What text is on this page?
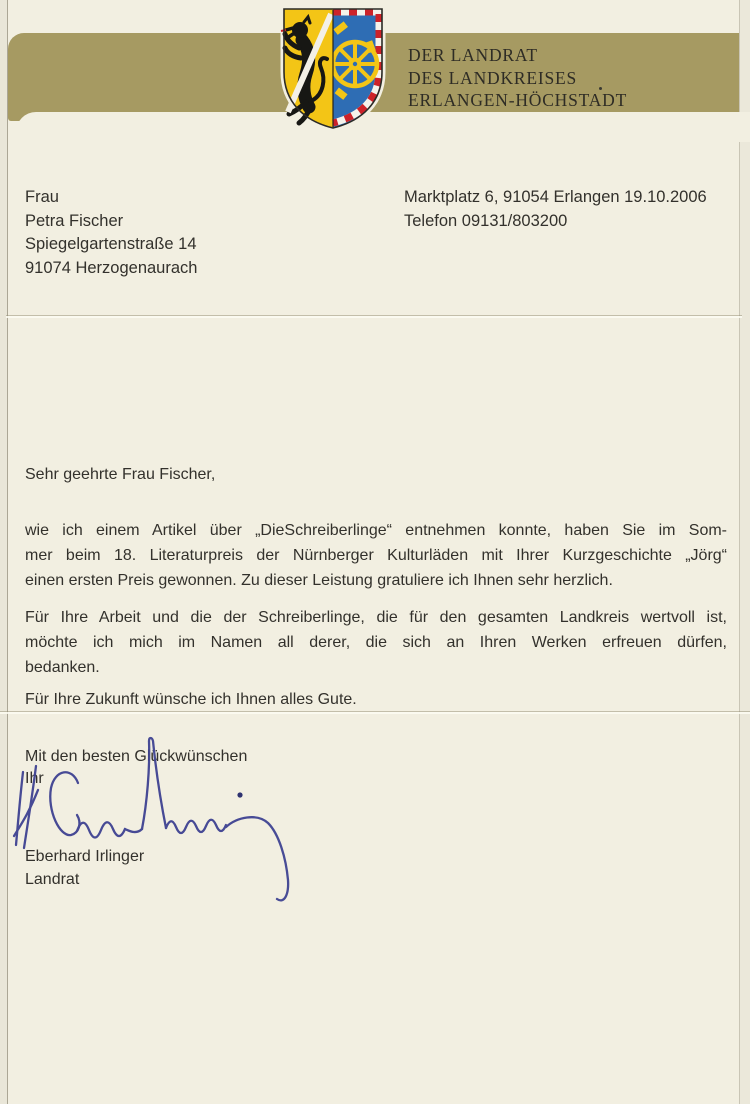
DER LANDRAT
DES LANDKREISES
ERLANGEN-HÖCHSTADT
Frau
Petra Fischer
Spiegelgartenstraße 14
91074 Herzogenaurach
Marktplatz 6, 91054 Erlangen 19.10.2006
Telefon 09131/803200
Sehr geehrte Frau Fischer,
wie ich einem Artikel über „DieSchreiberlinge“ entnehmen konnte, haben Sie im Som-
mer beim 18. Literaturpreis der Nürnberger Kulturläden mit Ihrer Kurzgeschichte „Jörg“
einen ersten Preis gewonnen. Zu dieser Leistung gratuliere ich Ihnen sehr herzlich.
Für Ihre Arbeit und die der Schreiberlinge, die für den gesamten Landkreis wertvoll ist,
möchte ich mich im Namen all derer, die sich an Ihren Werken erfreuen dürfen,
bedanken.
Für Ihre Zukunft wünsche ich Ihnen alles Gute.
Mit den besten Glückwünschen
Ihr
Eberhard Irlinger
Landrat
